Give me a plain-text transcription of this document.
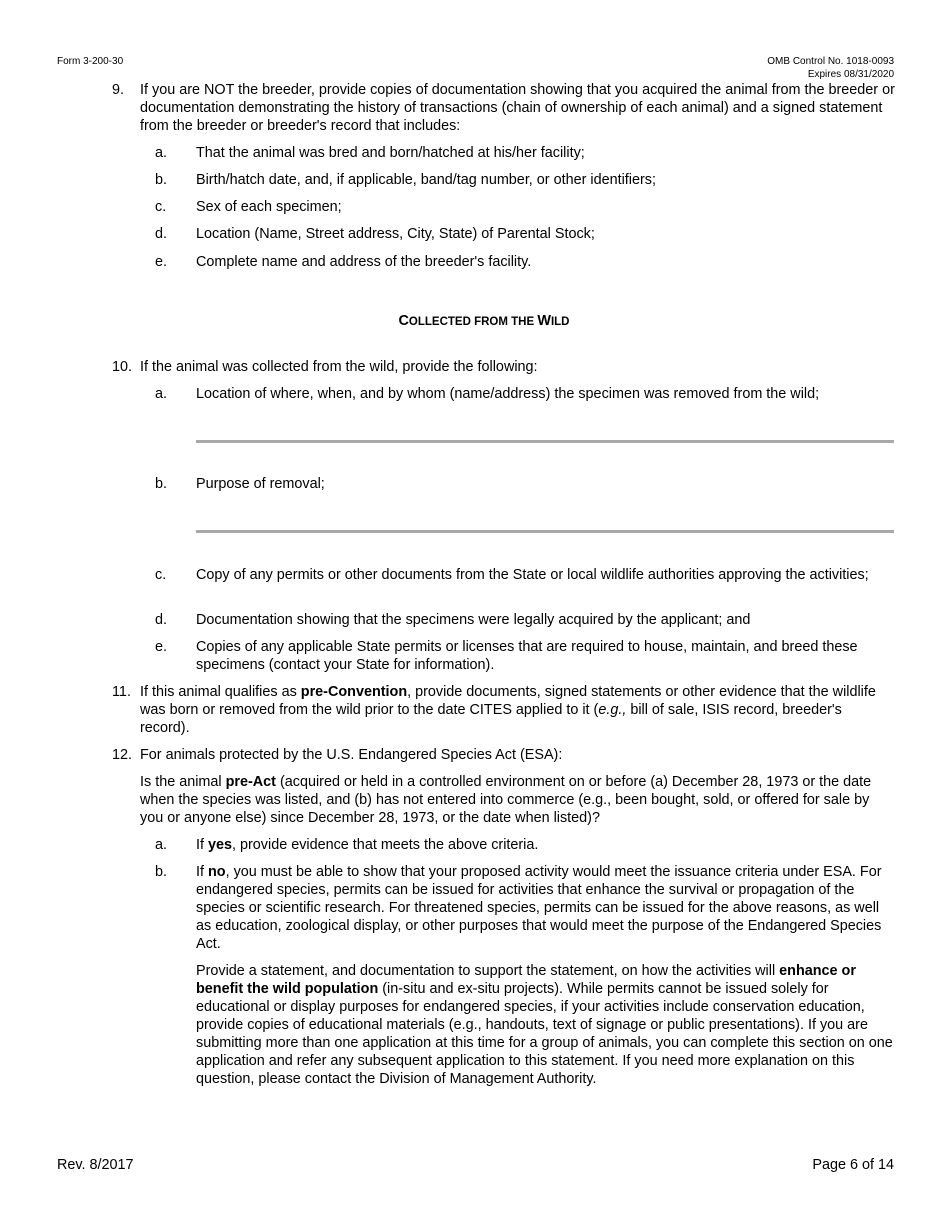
Form 3-200-30	OMB Control No. 1018-0093
Expires 08/31/2020
9. If you are NOT the breeder, provide copies of documentation showing that you acquired the animal from the breeder or documentation demonstrating the history of transactions (chain of ownership of each animal) and a signed statement from the breeder or breeder's record that includes:
a.	That the animal was bred and born/hatched at his/her facility;
b.	Birth/hatch date, and, if applicable, band/tag number, or other identifiers;
c.	Sex of each specimen;
d.	Location (Name, Street address, City, State) of Parental Stock;
e.	Complete name and address of the breeder's facility.
COLLECTED FROM THE WILD
10. If the animal was collected from the wild, provide the following:
a.	Location of where, when, and by whom (name/address) the specimen was removed from the wild;
b.	Purpose of removal;
c.	Copy of any permits or other documents from the State or local wildlife authorities approving the activities;
d.	Documentation showing that the specimens were legally acquired by the applicant; and
e.	Copies of any applicable State permits or licenses that are required to house, maintain, and breed these specimens (contact your State for information).
11. If this animal qualifies as pre-Convention, provide documents, signed statements or other evidence that the wildlife was born or removed from the wild prior to the date CITES applied to it (e.g., bill of sale, ISIS record, breeder's record).
12. For animals protected by the U.S. Endangered Species Act (ESA):
Is the animal pre-Act (acquired or held in a controlled environment on or before (a) December 28, 1973 or the date when the species was listed, and (b) has not entered into commerce (e.g., been bought, sold, or offered for sale by you or anyone else) since December 28, 1973, or the date when listed)?
a.	If yes, provide evidence that meets the above criteria.
b.	If no, you must be able to show that your proposed activity would meet the issuance criteria under ESA. For endangered species, permits can be issued for activities that enhance the survival or propagation of the species or scientific research. For threatened species, permits can be issued for the above reasons, as well as education, zoological display, or other purposes that would meet the purpose of the Endangered Species Act.
Provide a statement, and documentation to support the statement, on how the activities will enhance or benefit the wild population (in-situ and ex-situ projects). While permits cannot be issued solely for educational or display purposes for endangered species, if your activities include conservation education, provide copies of educational materials (e.g., handouts, text of signage or public presentations). If you are submitting more than one application at this time for a group of animals, you can complete this section on one application and refer any subsequent application to this statement. If you need more explanation on this question, please contact the Division of Management Authority.
Rev. 8/2017	Page 6 of 14
